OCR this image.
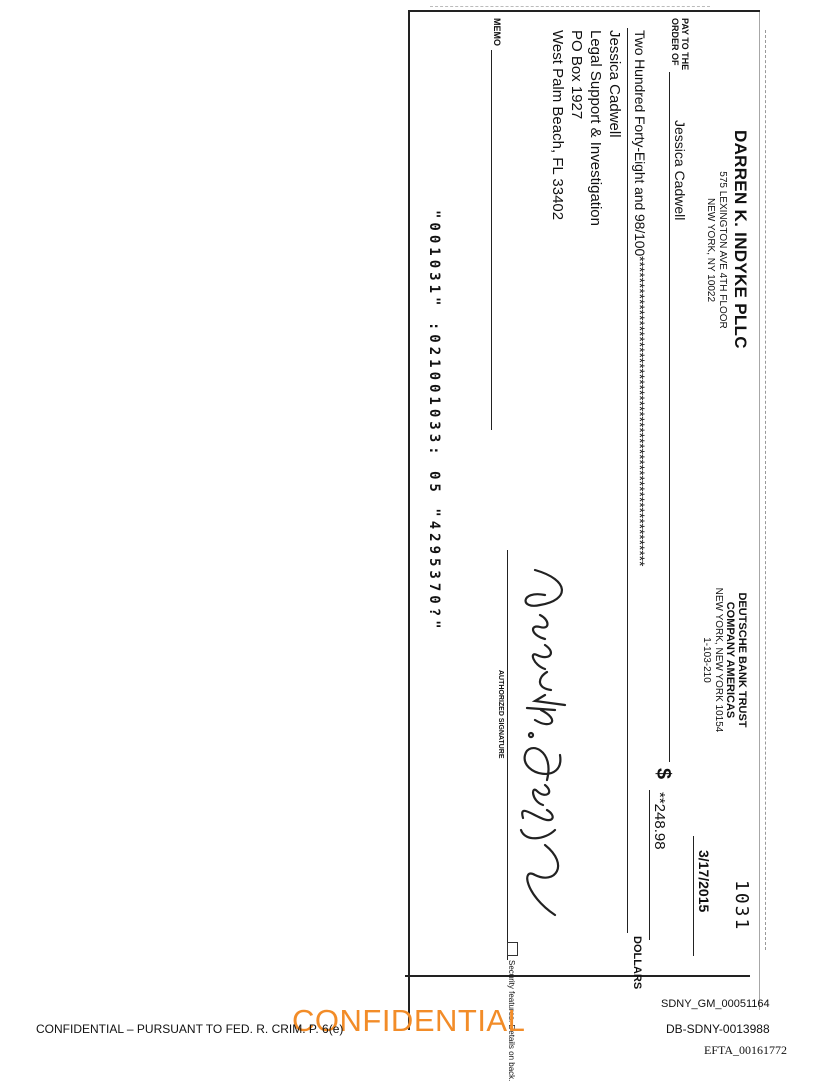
DARREN K. INDYKE PLLC
575 LEXINGTON AVE 4TH FLOOR
NEW YORK, NY 10022
DEUTSCHE BANK TRUST
COMPANY AMERICAS
NEW YORK, NEW YORK 10154
1-103-210
1031
3/17/2015
PAY TO THE
ORDER OF
Jessica Cadwell
$
**248.98
Two Hundred Forty-Eight and 98/100**********************************************************
DOLLARS
Jessica Cadwell
Legal Support & Investigation
PO Box 1927
West Palm Beach, FL 33402
MEMO
AUTHORIZED SIGNATURE
Security features. Details on back.
"001031" :021001033: 05 "4295370?"
CONFIDENTIAL
CONFIDENTIAL – PURSUANT TO FED. R. CRIM. P. 6(e)
SDNY_GM_00051164
DB-SDNY-0013988
EFTA_00161772
